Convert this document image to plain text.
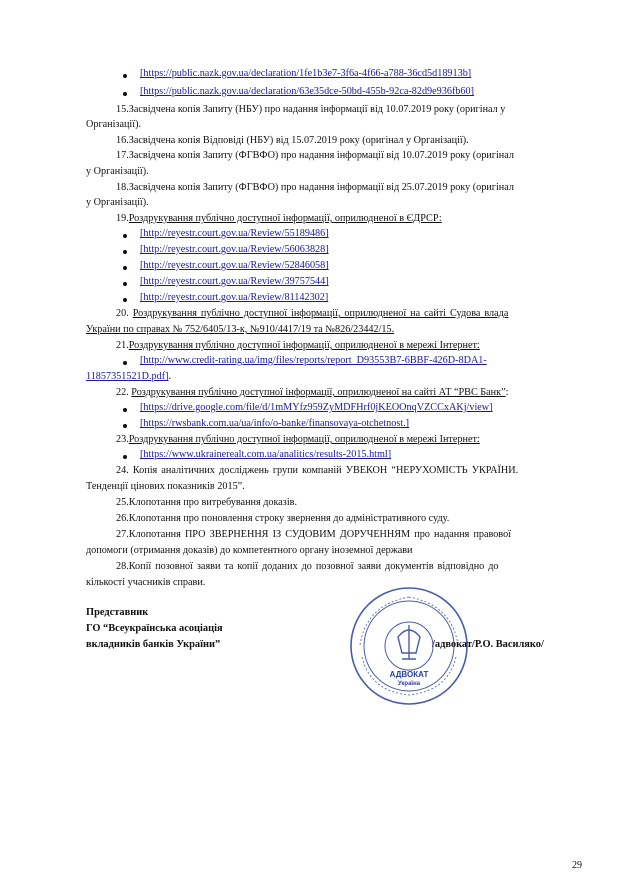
[https://public.nazk.gov.ua/declaration/1fe1b3e7-3f6a-4f66-a788-36cd5d18913b]
[https://public.nazk.gov.ua/declaration/63e35dce-50bd-455b-92ca-82d9e936fb60]
15.Засвідчена копія Запиту (НБУ) про надання інформації від 10.07.2019 року (оригінал у
Організації).
16.Засвідчена копія Відповіді (НБУ) від 15.07.2019 року (оригінал у Організації).
17.Засвідчена копія Запиту (ФГВФО) про надання інформації від 10.07.2019 року (оригінал
у Організації).
18.Засвідчена копія Запиту (ФГВФО) про надання інформації від 25.07.2019 року (оригінал
у Організації).
19.Роздрукування публічно доступної інформації, оприлюдненої в ЄДРСР:
[http://reyestr.court.gov.ua/Review/55189486]
[http://reyestr.court.gov.ua/Review/56063828]
[http://reyestr.court.gov.ua/Review/52846058]
[http://reyestr.court.gov.ua/Review/39757544]
[http://reyestr.court.gov.ua/Review/81142302]
20. Роздрукування публічно доступної інформації, оприлюдненої на сайті Судова влада
України по справах № 752/6405/13-к, №910/4417/19 та №826/23442/15.
21.Роздрукування публічно доступної інформації, оприлюдненої в мережі Інтернет:
[http://www.credit-rating.ua/img/files/reports/report_D93553B7-6BBF-426D-8DA1-
11857351521D.pdf].
22. Роздрукування публічно доступної інформації, оприлюдненої на сайті АТ “РВС Банк”:
[https://drive.google.com/file/d/1mMYfz959ZyMDFHrf0jKEOOnqVZCCxAKj/view]
[https://rwsbank.com.ua/ua/info/o-banke/finansovaya-otchetnost.]
23.Роздрукування публічно доступної інформації, оприлюдненої в мережі Інтернет:
[https://www.ukrainerealt.com.ua/analitics/results-2015.html]
24. Копія аналітичних досліджень групи компаній УВЕКОН “НЕРУХОМІСТЬ УКРАЇНИ.
Тенденції цінових показників 2015”.
25.Клопотання про витребування доказів.
26.Клопотання про поновлення строку звернення до адміністративного суду.
27.Клопотання ПРО ЗВЕРНЕННЯ ІЗ СУДОВИМ ДОРУЧЕННЯМ про надання правової
допомоги (отримання доказів) до компетентного органу іноземної держави
28.Копії позовної заяви та копії доданих до позовної заяви документів відповідно до
кількості учасників справи.
Представник
ГО “Всеукраїнська асоціація
вкладників банків України”
АДВОКАТ
Україна
/адвокат/Р.О. Василяко/
29
